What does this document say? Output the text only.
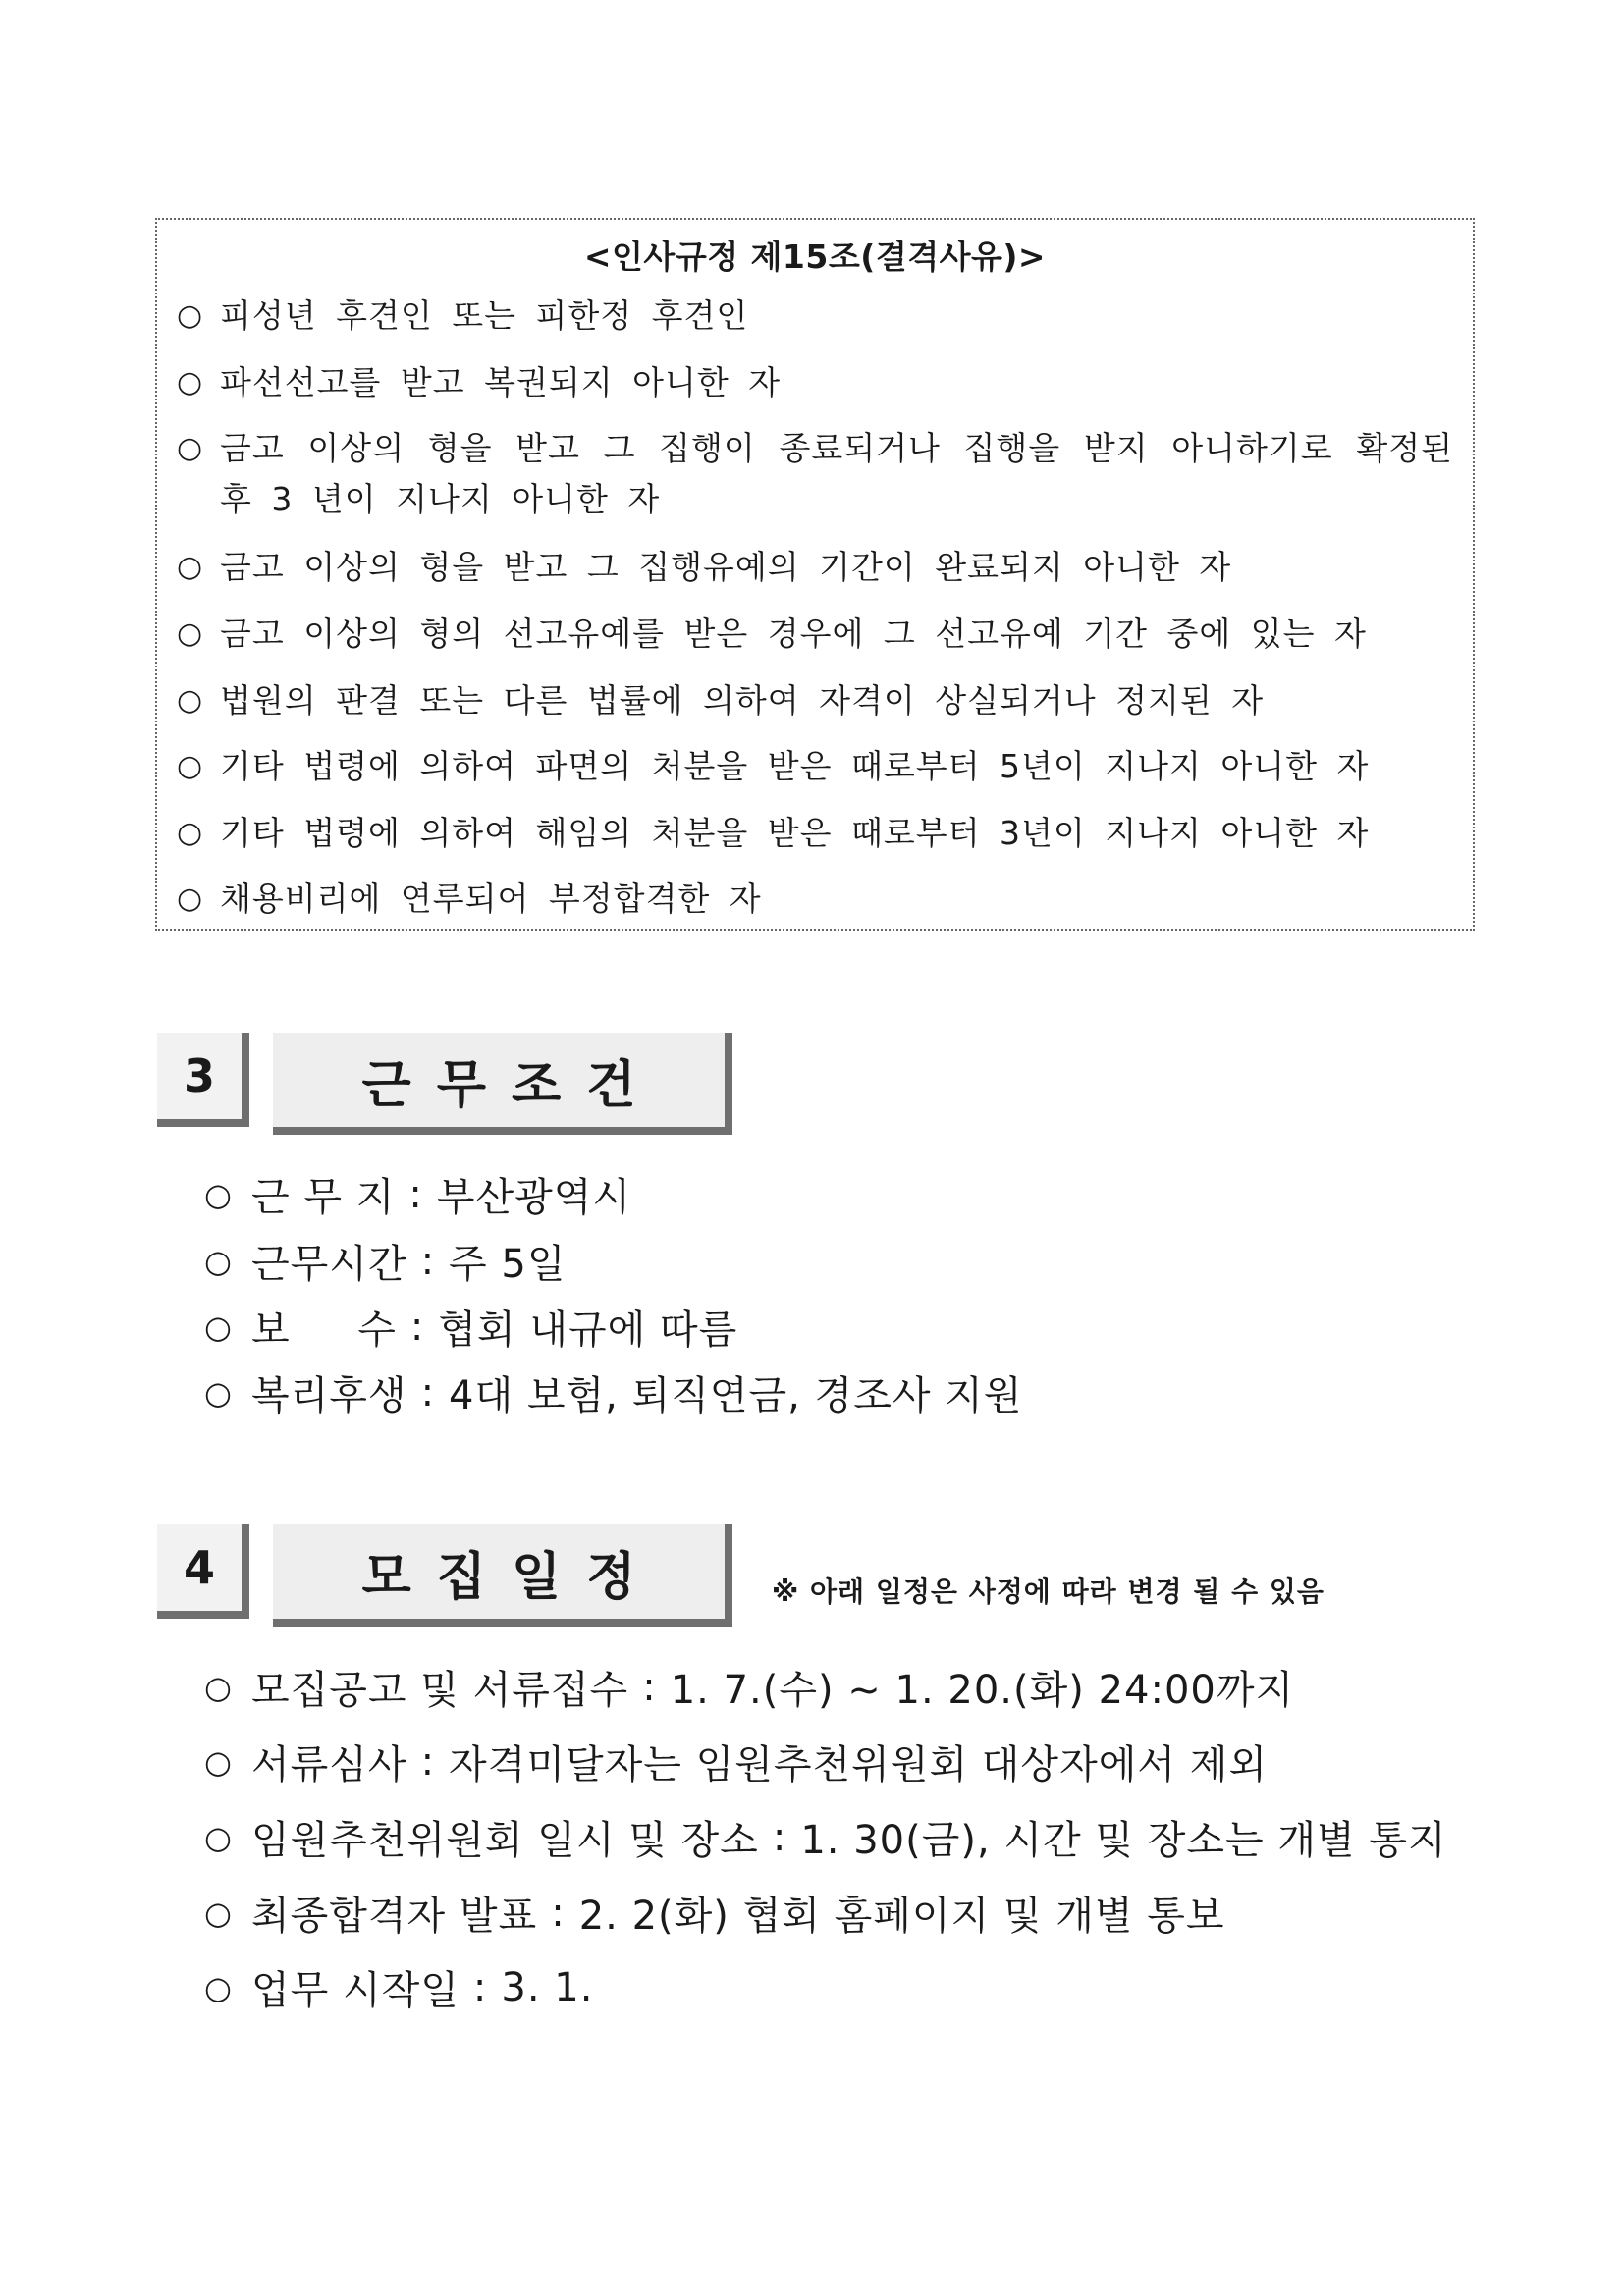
<인사규정 제15조(결격사유)>
○ 피성년 후견인 또는 피한정 후견인
○ 파선선고를 받고 복권되지 아니한 자
○ 금고 이상의 형을 받고 그 집행이 종료되거나 집행을 받지 아니하기로 확정된 후 3 년이 지나지 아니한 자
○ 금고 이상의 형을 받고 그 집행유예의 기간이 완료되지 아니한 자
○ 금고 이상의 형의 선고유예를 받은 경우에 그 선고유예 기간 중에 있는 자
○ 법원의 판결 또는 다른 법률에 의하여 자격이 상실되거나 정지된 자
○ 기타 법령에 의하여 파면의 처분을 받은 때로부터 5년이 지나지 아니한 자
○ 기타 법령에 의하여 해임의 처분을 받은 때로부터 3년이 지나지 아니한 자
○ 채용비리에 연루되어 부정합격한 자
3	근무조건
○ 근 무 지 : 부산광역시
○ 근무시간 : 주 5일
○ 보     수 : 협회 내규에 따름
○ 복리후생 : 4대 보험, 퇴직연금, 경조사 지원
4	모집일정	※ 아래 일정은 사정에 따라 변경 될 수 있음
○ 모집공고 및 서류접수 : 1. 7.(수) ~ 1. 20.(화) 24:00까지
○ 서류심사 : 자격미달자는 임원추천위원회 대상자에서 제외
○ 임원추천위원회 일시 및 장소 : 1. 30(금), 시간 및 장소는 개별 통지
○ 최종합격자 발표 : 2. 2(화) 협회 홈페이지 및 개별 통보
○ 업무 시작일 : 3. 1.
